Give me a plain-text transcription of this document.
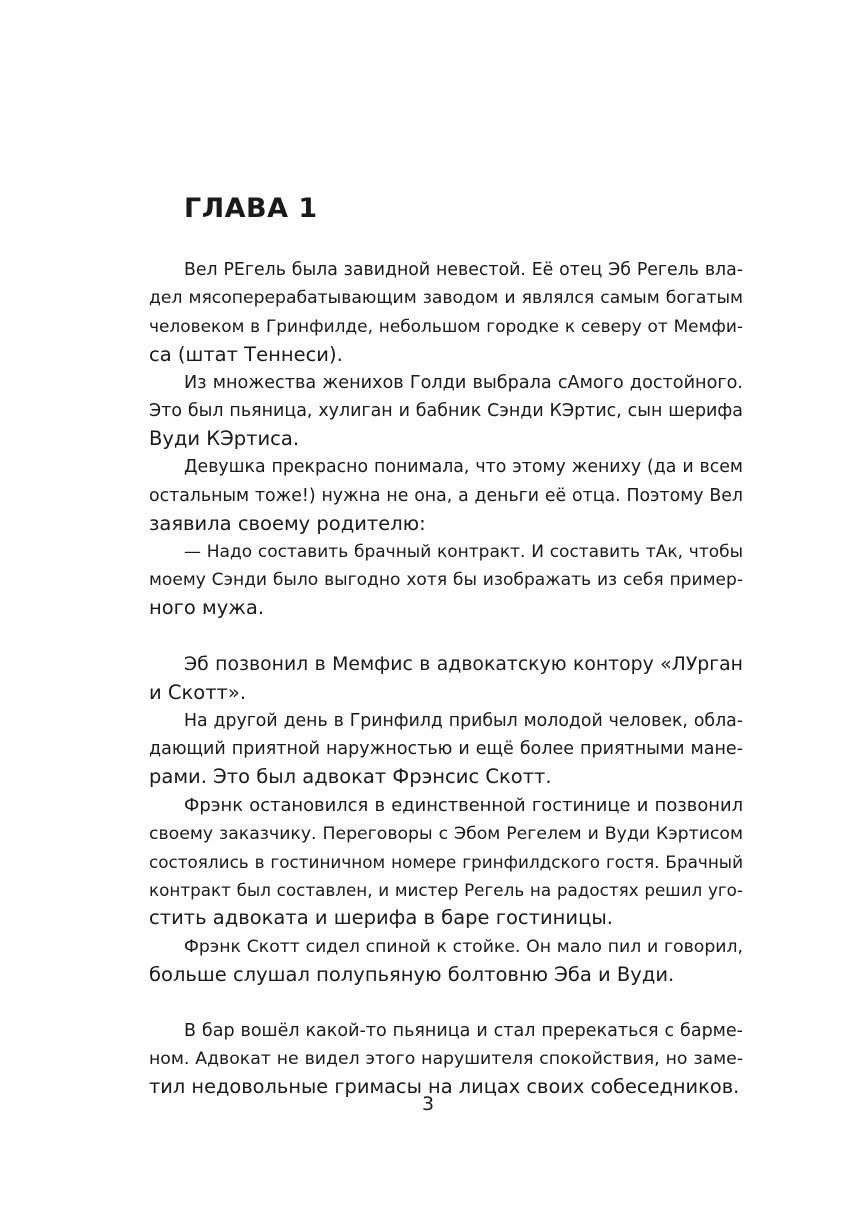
ГЛАВА 1
Вел РЕгель была завидной невестой. Её отец Эб Регель вла-
дел мясоперерабатывающим заводом и являлся самым богатым
человеком в Гринфилде, небольшом городке к северу от Мемфи-
са (штат Теннеси).
Из множества женихов Голди выбрала сАмого достойного.
Это был пьяница, хулиган и бабник Сэнди КЭртис, сын шерифа
Вуди КЭртиса.
Девушка прекрасно понимала, что этому жениху (да и всем
остальным тоже!) нужна не она, а деньги её отца. Поэтому Вел
заявила своему родителю:
— Надо составить брачный контракт. И составить тАк, чтобы
моему Сэнди было выгодно хотя бы изображать из себя пример-
ного мужа.
Эб позвонил в Мемфис в адвокатскую контору «ЛУрган
и Скотт».
На другой день в Гринфилд прибыл молодой человек, обла-
дающий приятной наружностью и ещё более приятными мане-
рами. Это был адвокат Фрэнсис Скотт.
Фрэнк остановился в единственной гостинице и позвонил
своему заказчику. Переговоры с Эбом Регелем и Вуди Кэртисом
состоялись в гостиничном номере гринфилдского гостя. Брачный
контракт был составлен, и мистер Регель на радостях решил уго-
стить адвоката и шерифа в баре гостиницы.
Фрэнк Скотт сидел спиной к стойке. Он мало пил и говорил,
больше слушал полупьяную болтовню Эба и Вуди.
В бар вошёл какой-то пьяница и стал пререкаться с барме-
ном. Адвокат не видел этого нарушителя спокойствия, но заме-
тил недовольные гримасы на лицах своих собеседников.
3
